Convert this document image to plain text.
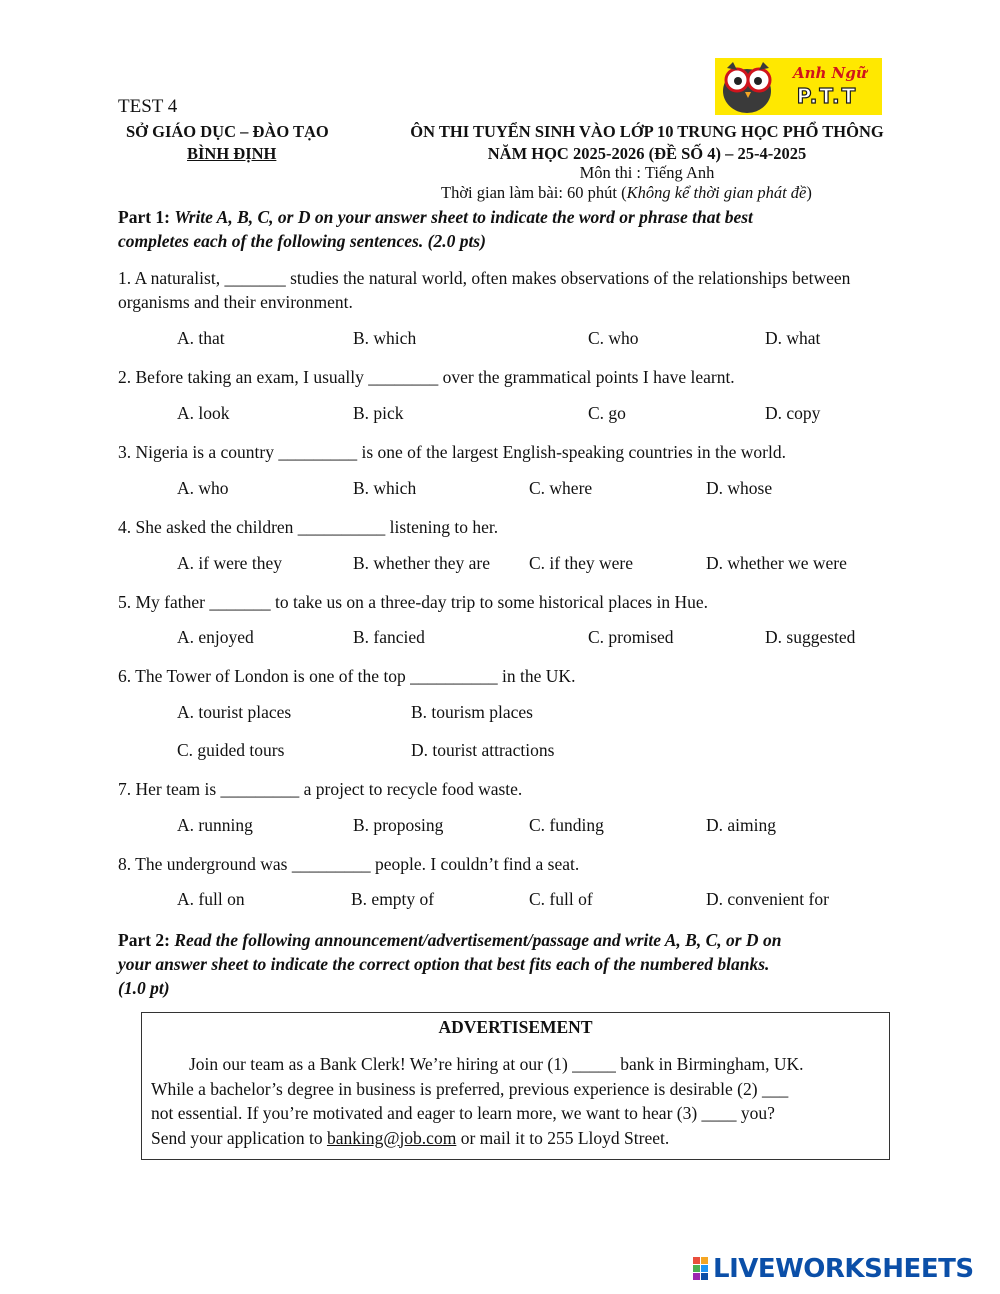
Anh Ngữ
P.T.T
TEST 4
SỞ GIÁO DỤC – ĐÀO TẠO
BÌNH ĐỊNH
ÔN THI TUYỂN SINH VÀO LỚP 10 TRUNG HỌC PHỔ THÔNG
NĂM HỌC 2025-2026 (ĐỀ SỐ 4) – 25-4-2025
Môn thi : Tiếng Anh
Thời gian làm bài: 60 phút (Không kể thời gian phát đề)
Part 1: Write A, B, C, or D on your answer sheet to indicate the word or phrase that best
completes each of the following sentences. (2.0 pts)
1. A naturalist, _______ studies the natural world, often makes observations of the relationships between organisms and their environment.
A. that	B. which	C. who	D. what
2. Before taking an exam, I usually ________ over the grammatical points I have learnt.
A. look	B. pick	C. go	D. copy
3. Nigeria is a country _________ is one of the largest English-speaking countries in the world.
A. who	B. which	C. where	D. whose
4. She asked the children __________ listening to her.
A. if were they	B. whether they are C. if they were	D. whether we were
5. My father _______ to take us on a three-day trip to some historical places in Hue.
A. enjoyed	B. fancied	C. promised	D. suggested
6. The Tower of London is one of the top __________ in the UK.
A. tourist places	B. tourism places
C. guided tours	D. tourist attractions
7. Her team is _________ a project to recycle food waste.
A. running	B. proposing	C. funding	D. aiming
8. The underground was _________ people. I couldn’t find a seat.
A. full on	B. empty of	C. full of	D. convenient for
Part 2: Read the following announcement/advertisement/passage and write A, B, C, or D on
your answer sheet to indicate the correct option that best fits each of the numbered blanks.
(1.0 pt)
ADVERTISEMENT
Join our team as a Bank Clerk! We’re hiring at our (1) _____ bank in Birmingham, UK.
While a bachelor’s degree in business is preferred, previous experience is desirable (2) ___
not essential. If you’re motivated and eager to learn more, we want to hear (3) ____ you?
Send your application to banking@job.com or mail it to 255 Lloyd Street.
LIVEWORKSHEETS
